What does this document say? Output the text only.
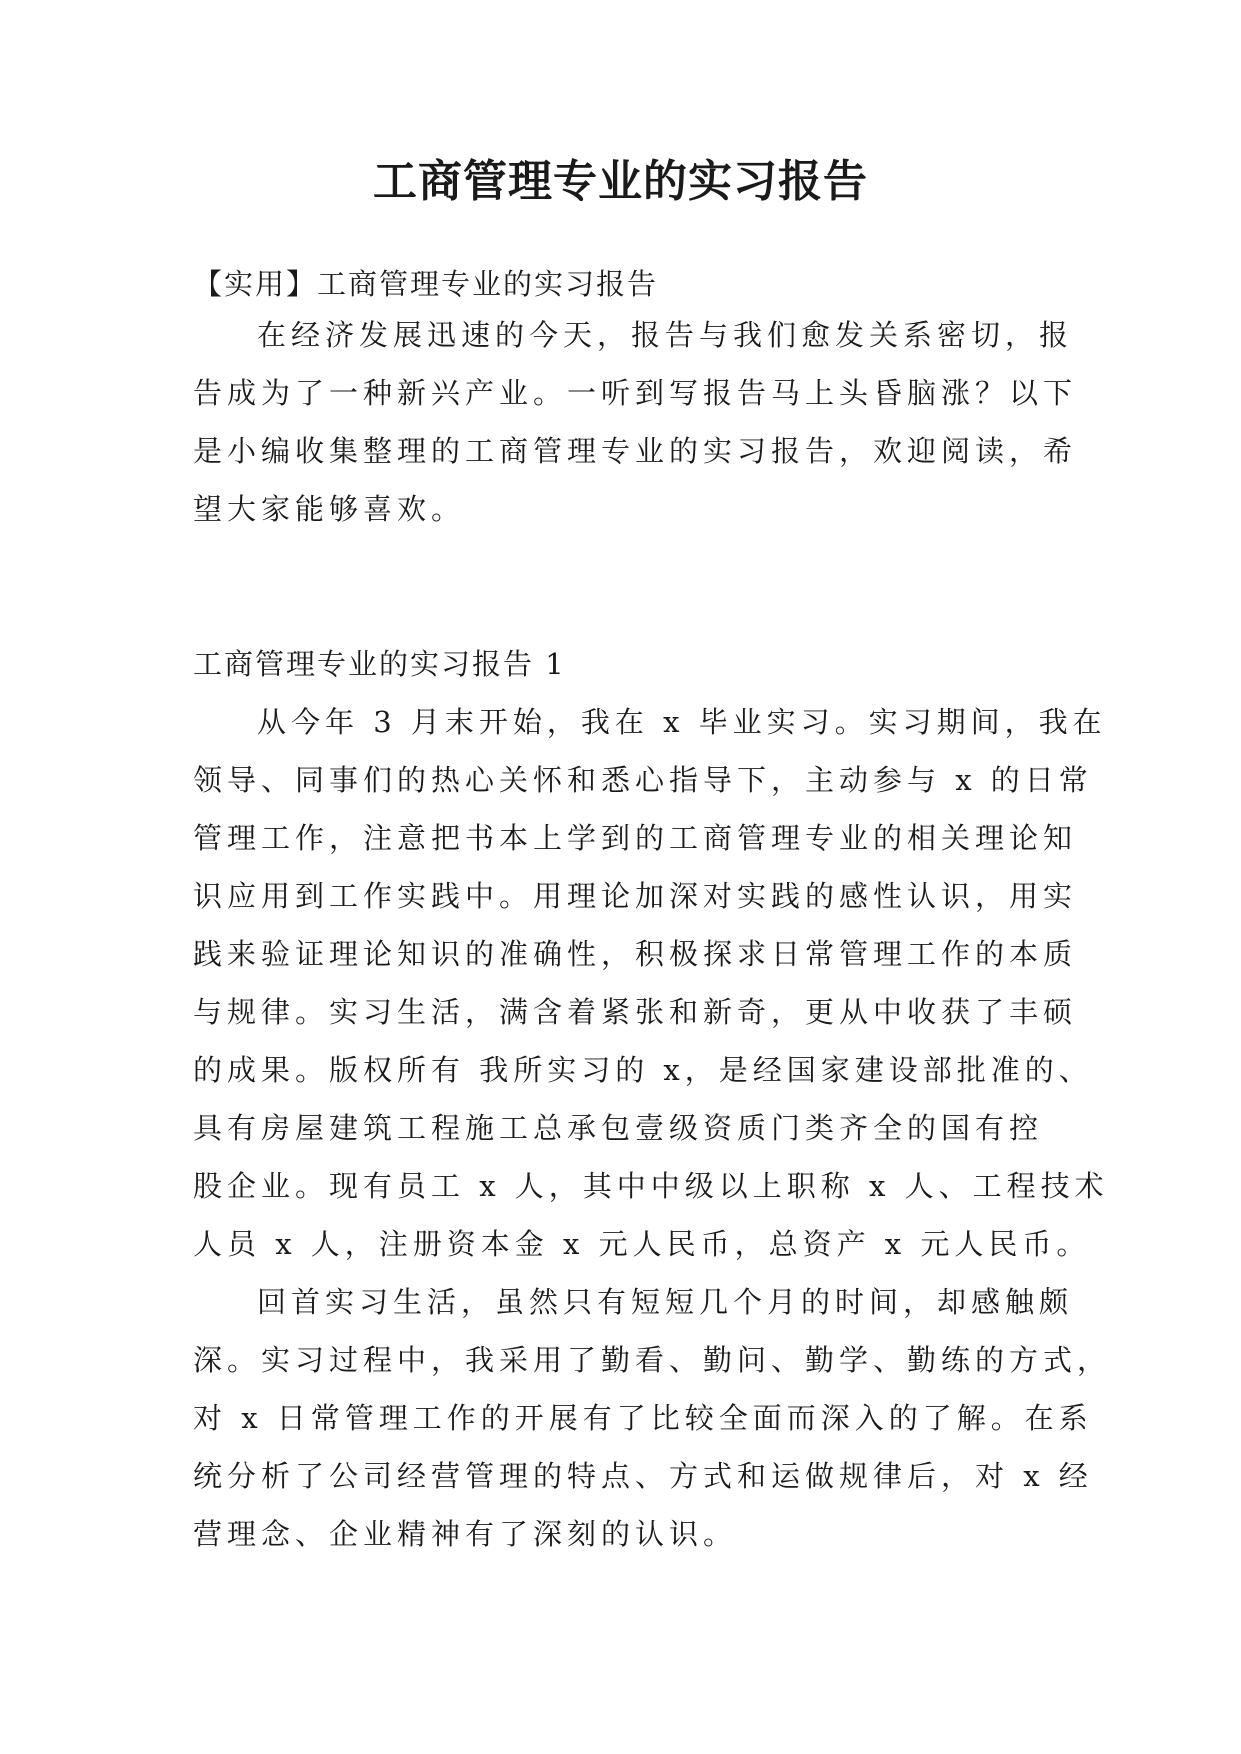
工商管理专业的实习报告

【实用】工商管理专业的实习报告

在经济发展迅速的今天，报告与我们愈发关系密切，报

告成为了一种新兴产业。一听到写报告马上头昏脑涨？以下

是小编收集整理的工商管理专业的实习报告，欢迎阅读，希

望大家能够喜欢。

工商管理专业的实习报告 1

从今年 3 月末开始，我在 x 毕业实习。实习期间，我在

领导、同事们的热心关怀和悉心指导下，主动参与 x 的日常

管理工作，注意把书本上学到的工商管理专业的相关理论知

识应用到工作实践中。用理论加深对实践的感性认识，用实

践来验证理论知识的准确性，积极探求日常管理工作的本质

与规律。实习生活，满含着紧张和新奇，更从中收获了丰硕

的成果。版权所有 我所实习的 x，是经国家建设部批准的、

具有房屋建筑工程施工总承包壹级资质门类齐全的国有控

股企业。现有员工 x 人，其中中级以上职称 x 人、工程技术

人员 x 人，注册资本金 x 元人民币，总资产 x 元人民币。

回首实习生活，虽然只有短短几个月的时间，却感触颇

深。实习过程中，我采用了勤看、勤问、勤学、勤练的方式，

对 x 日常管理工作的开展有了比较全面而深入的了解。在系

统分析了公司经营管理的特点、方式和运做规律后，对 x 经

营理念、企业精神有了深刻的认识。
